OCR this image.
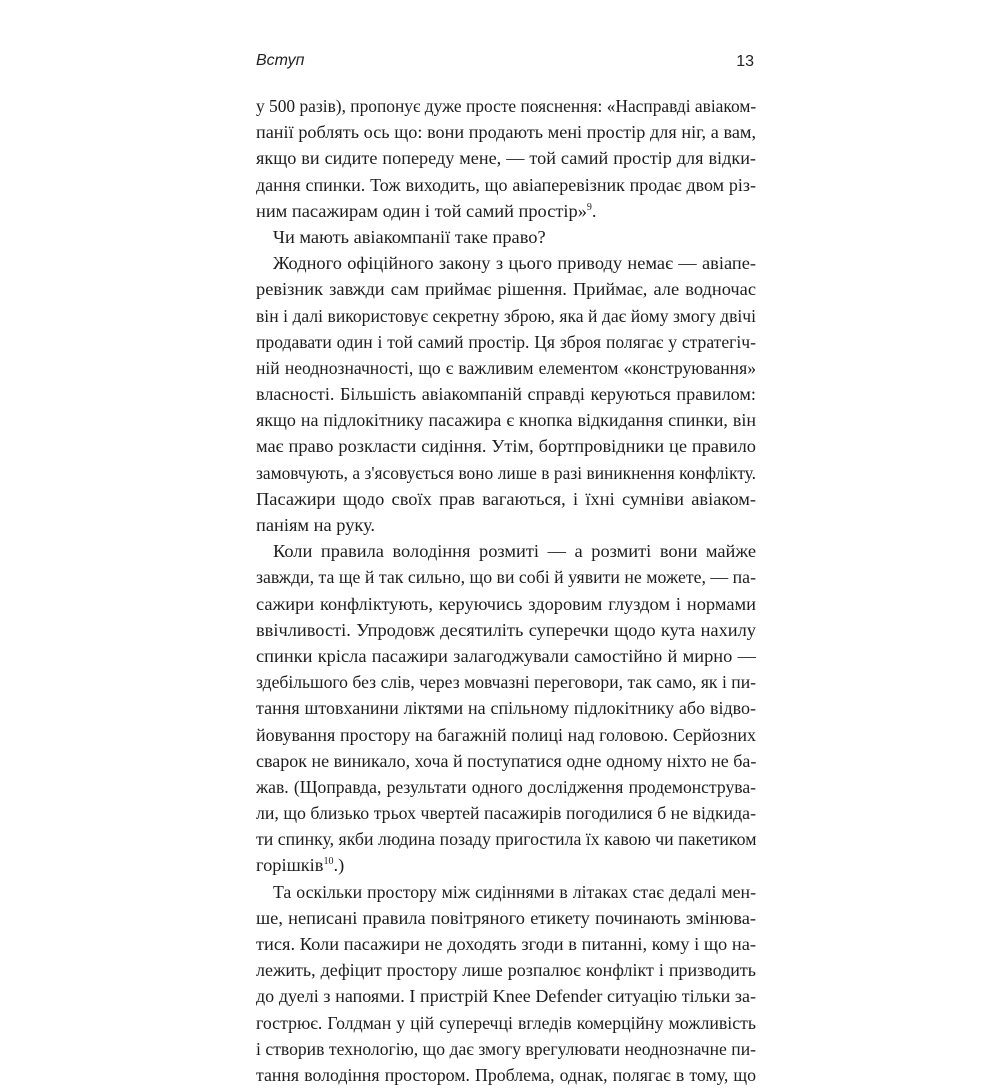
Вступ	13
у 500 разів), пропонує дуже просте пояснення: «Насправді авіаком-
панії роблять ось що: вони продають мені простір для ніг, а вам,
якщо ви сидите попереду мене, — той самий простір для відки-
дання спинки. Тож виходить, що авіаперевізник продає двом різ-
ним пасажирам один і той самий простір»$^9$.
Чи мають авіакомпанії таке право?
Жодного офіційного закону з цього приводу немає — авіапе-
ревізник завжди сам приймає рішення. Приймає, але водночас
він і далі використовує секретну зброю, яка й дає йому змогу двічі
продавати один і той самий простір. Ця зброя полягає у стратегіч-
ній неоднозначності, що є важливим елементом «конструювання»
власності. Більшість авіакомпаній справді керуються правилом:
якщо на підлокітнику пасажира є кнопка відкидання спинки, він
має право розкласти сидіння. Утім, бортпровідники це правило
замовчують, а з'ясовується воно лише в разі виникнення конфлікту.
Пасажири щодо своїх прав вагаються, і їхні сумніви авіаком-
паніям на руку.
Коли правила володіння розмиті — а розмиті вони майже
завжди, та ще й так сильно, що ви собі й уявити не можете, — па-
сажири конфліктують, керуючись здоровим глуздом і нормами
ввічливості. Упродовж десятиліть суперечки щодо кута нахилу
спинки крісла пасажири залагоджували самостійно й мирно —
здебільшого без слів, через мовчазні переговори, так само, як і пи-
тання штовханини ліктями на спільному підлокітнику або відво-
йовування простору на багажній полиці над головою. Серйозних
сварок не виникало, хоча й поступатися одне одному ніхто не ба-
жав. (Щоправда, результати одного дослідження продемонструва-
ли, що близько трьох чвертей пасажирів погодилися б не відкида-
ти спинку, якби людина позаду пригостила їх кавою чи пакетиком
горішків$^{10}$.)
Та оскільки простору між сидіннями в літаках стає дедалі мен-
ше, неписані правила повітряного етикету починають змінюва-
тися. Коли пасажири не доходять згоди в питанні, кому і що на-
лежить, дефіцит простору лише розпалює конфлікт і призводить
до дуелі з напоями. І пристрій Knee Defender ситуацію тільки за-
гострює. Голдман у цій суперечці вгледів комерційну можливість
і створив технологію, що дає змогу врегулювати неоднозначне пи-
тання володіння простором. Проблема, однак, полягає в тому, що
